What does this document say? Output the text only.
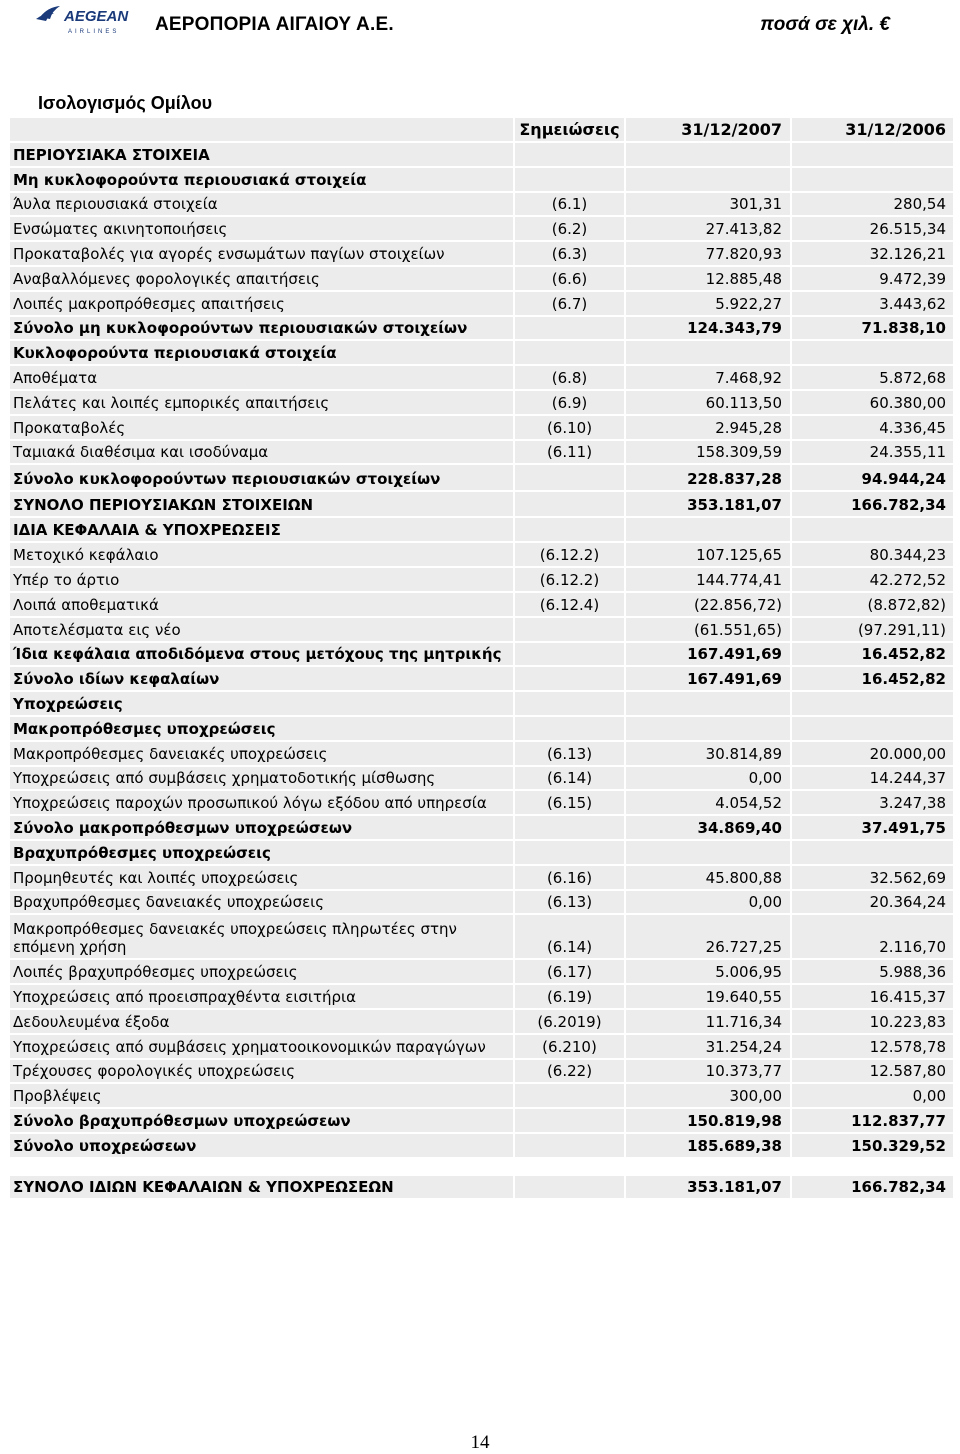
AEGEAN
AIRLINES ΑΕΡΟΠΟΡΙΑ ΑΙΓΑΙΟΥ Α.Ε.	ποσά σε χιλ. €
Ισολογισμός Ομίλου
Σημειώσεις	31/12/2007	31/12/2006
ΠΕΡΙΟΥΣΙΑΚΑ ΣΤΟΙΧΕΙΑ
Μη κυκλοφορούντα περιουσιακά στοιχεία
Άυλα περιουσιακά στοιχεία	(6.1)	301,31	280,54
Ενσώματες ακινητοποιήσεις	(6.2)	27.413,82	26.515,34
Προκαταβολές για αγορές ενσωμάτων παγίων στοιχείων	(6.3)	77.820,93	32.126,21
Αναβαλλόμενες φορολογικές απαιτήσεις	(6.6)	12.885,48	9.472,39
Λοιπές μακροπρόθεσμες απαιτήσεις	(6.7)	5.922,27	3.443,62
Σύνολο μη κυκλοφορούντων περιουσιακών στοιχείων	124.343,79	71.838,10
Κυκλοφορούντα περιουσιακά στοιχεία
Αποθέματα	(6.8)	7.468,92	5.872,68
Πελάτες και λοιπές εμπορικές απαιτήσεις	(6.9)	60.113,50	60.380,00
Προκαταβολές	(6.10)	2.945,28	4.336,45
Ταμιακά διαθέσιμα και ισοδύναμα	(6.11)	158.309,59	24.355,11
Σύνολο κυκλοφορούντων περιουσιακών στοιχείων	228.837,28	94.944,24
ΣΥΝΟΛΟ ΠΕΡΙΟΥΣΙΑΚΩΝ ΣΤΟΙΧΕΙΩΝ	353.181,07	166.782,34
ΙΔΙΑ ΚΕΦΑΛΑΙΑ & ΥΠΟΧΡΕΩΣΕΙΣ
Μετοχικό κεφάλαιο	(6.12.2)	107.125,65	80.344,23
Υπέρ το άρτιο	(6.12.2)	144.774,41	42.272,52
Λοιπά αποθεματικά	(6.12.4)	(22.856,72)	(8.872,82)
Αποτελέσματα εις νέο	(61.551,65)	(97.291,11)
Ίδια κεφάλαια αποδιδόμενα στους μετόχους της μητρικής	167.491,69	16.452,82
Σύνολο ιδίων κεφαλαίων	167.491,69	16.452,82
Υποχρεώσεις
Μακροπρόθεσμες υποχρεώσεις
Μακροπρόθεσμες δανειακές υποχρεώσεις	(6.13)	30.814,89	20.000,00
Υποχρεώσεις από συμβάσεις χρηματοδοτικής μίσθωσης	(6.14)	0,00	14.244,37
Υποχρεώσεις παροχών προσωπικού λόγω εξόδου από υπηρεσία	(6.15)	4.054,52	3.247,38
Σύνολο μακροπρόθεσμων υποχρεώσεων	34.869,40	37.491,75
Βραχυπρόθεσμες υποχρεώσεις
Προμηθευτές και λοιπές υποχρεώσεις	(6.16)	45.800,88	32.562,69
Βραχυπρόθεσμες δανειακές υποχρεώσεις	(6.13)	0,00	20.364,24
Μακροπρόθεσμες δανειακές υποχρεώσεις πληρωτέες στην επόμενη χρήση	(6.14)	26.727,25	2.116,70
Λοιπές βραχυπρόθεσμες υποχρεώσεις	(6.17)	5.006,95	5.988,36
Υποχρεώσεις από προεισπραχθέντα εισιτήρια	(6.19)	19.640,55	16.415,37
Δεδουλευμένα έξοδα	(6.2019)	11.716,34	10.223,83
Υποχρεώσεις από συμβάσεις χρηματοοικονομικών παραγώγων	(6.210)	31.254,24	12.578,78
Τρέχουσες φορολογικές υποχρεώσεις	(6.22)	10.373,77	12.587,80
Προβλέψεις	300,00	0,00
Σύνολο βραχυπρόθεσμων υποχρεώσεων	150.819,98	112.837,77
Σύνολο υποχρεώσεων	185.689,38	150.329,52
ΣΥΝΟΛΟ ΙΔΙΩΝ ΚΕΦΑΛΑΙΩΝ & ΥΠΟΧΡΕΩΣΕΩΝ	353.181,07	166.782,34
14
